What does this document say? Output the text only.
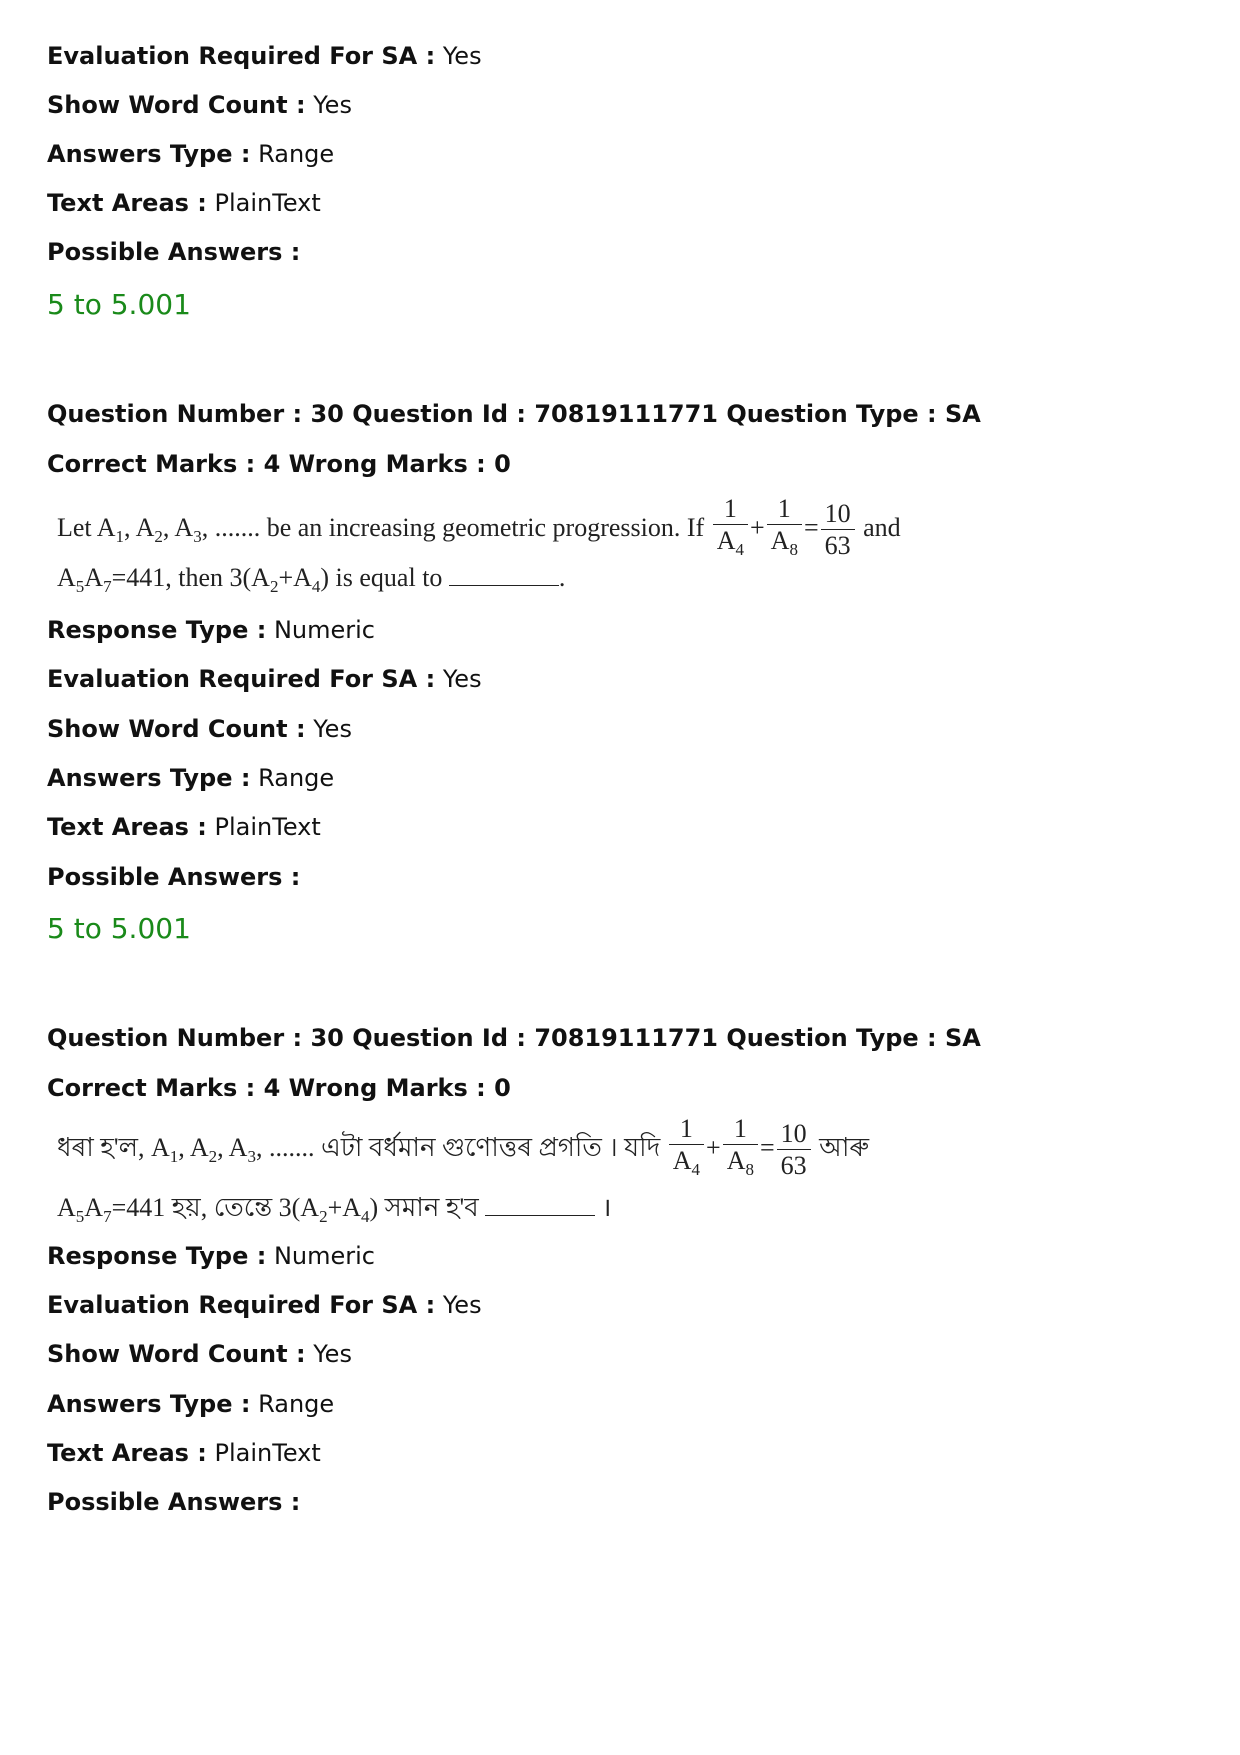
Evaluation Required For SA : Yes
Show Word Count : Yes
Answers Type : Range
Text Areas : PlainText
Possible Answers :
5 to 5.001
Question Number : 30 Question Id : 70819111771 Question Type : SA
Correct Marks : 4 Wrong Marks : 0
Let $A_1$, $A_2$, $A_3$, ....... be an increasing geometric progression. If $\frac{1}{A_4} + \frac{1}{A_8} = \frac{10}{63}$ and
$A_5A_7=441$, then $3(A_2+A_4)$ is equal to	.
Response Type : Numeric
Evaluation Required For SA : Yes
Show Word Count : Yes
Answers Type : Range
Text Areas : PlainText
Possible Answers :
5 to 5.001
Question Number : 30 Question Id : 70819111771 Question Type : SA
Correct Marks : 4 Wrong Marks : 0
ধৰা হ'ল, $A_1$, $A_2$, $A_3$, ....... এটা বৰ্ধমান গুণোত্তৰ প্ৰগতি । যদি $\frac{1}{A_4} + \frac{1}{A_8} = \frac{10}{63}$ আৰু
$A_5A_7=441$ হয়, তেন্তে $3(A_2+A_4)$ সমান হ'ব	।
Response Type : Numeric
Evaluation Required For SA : Yes
Show Word Count : Yes
Answers Type : Range
Text Areas : PlainText
Possible Answers :
